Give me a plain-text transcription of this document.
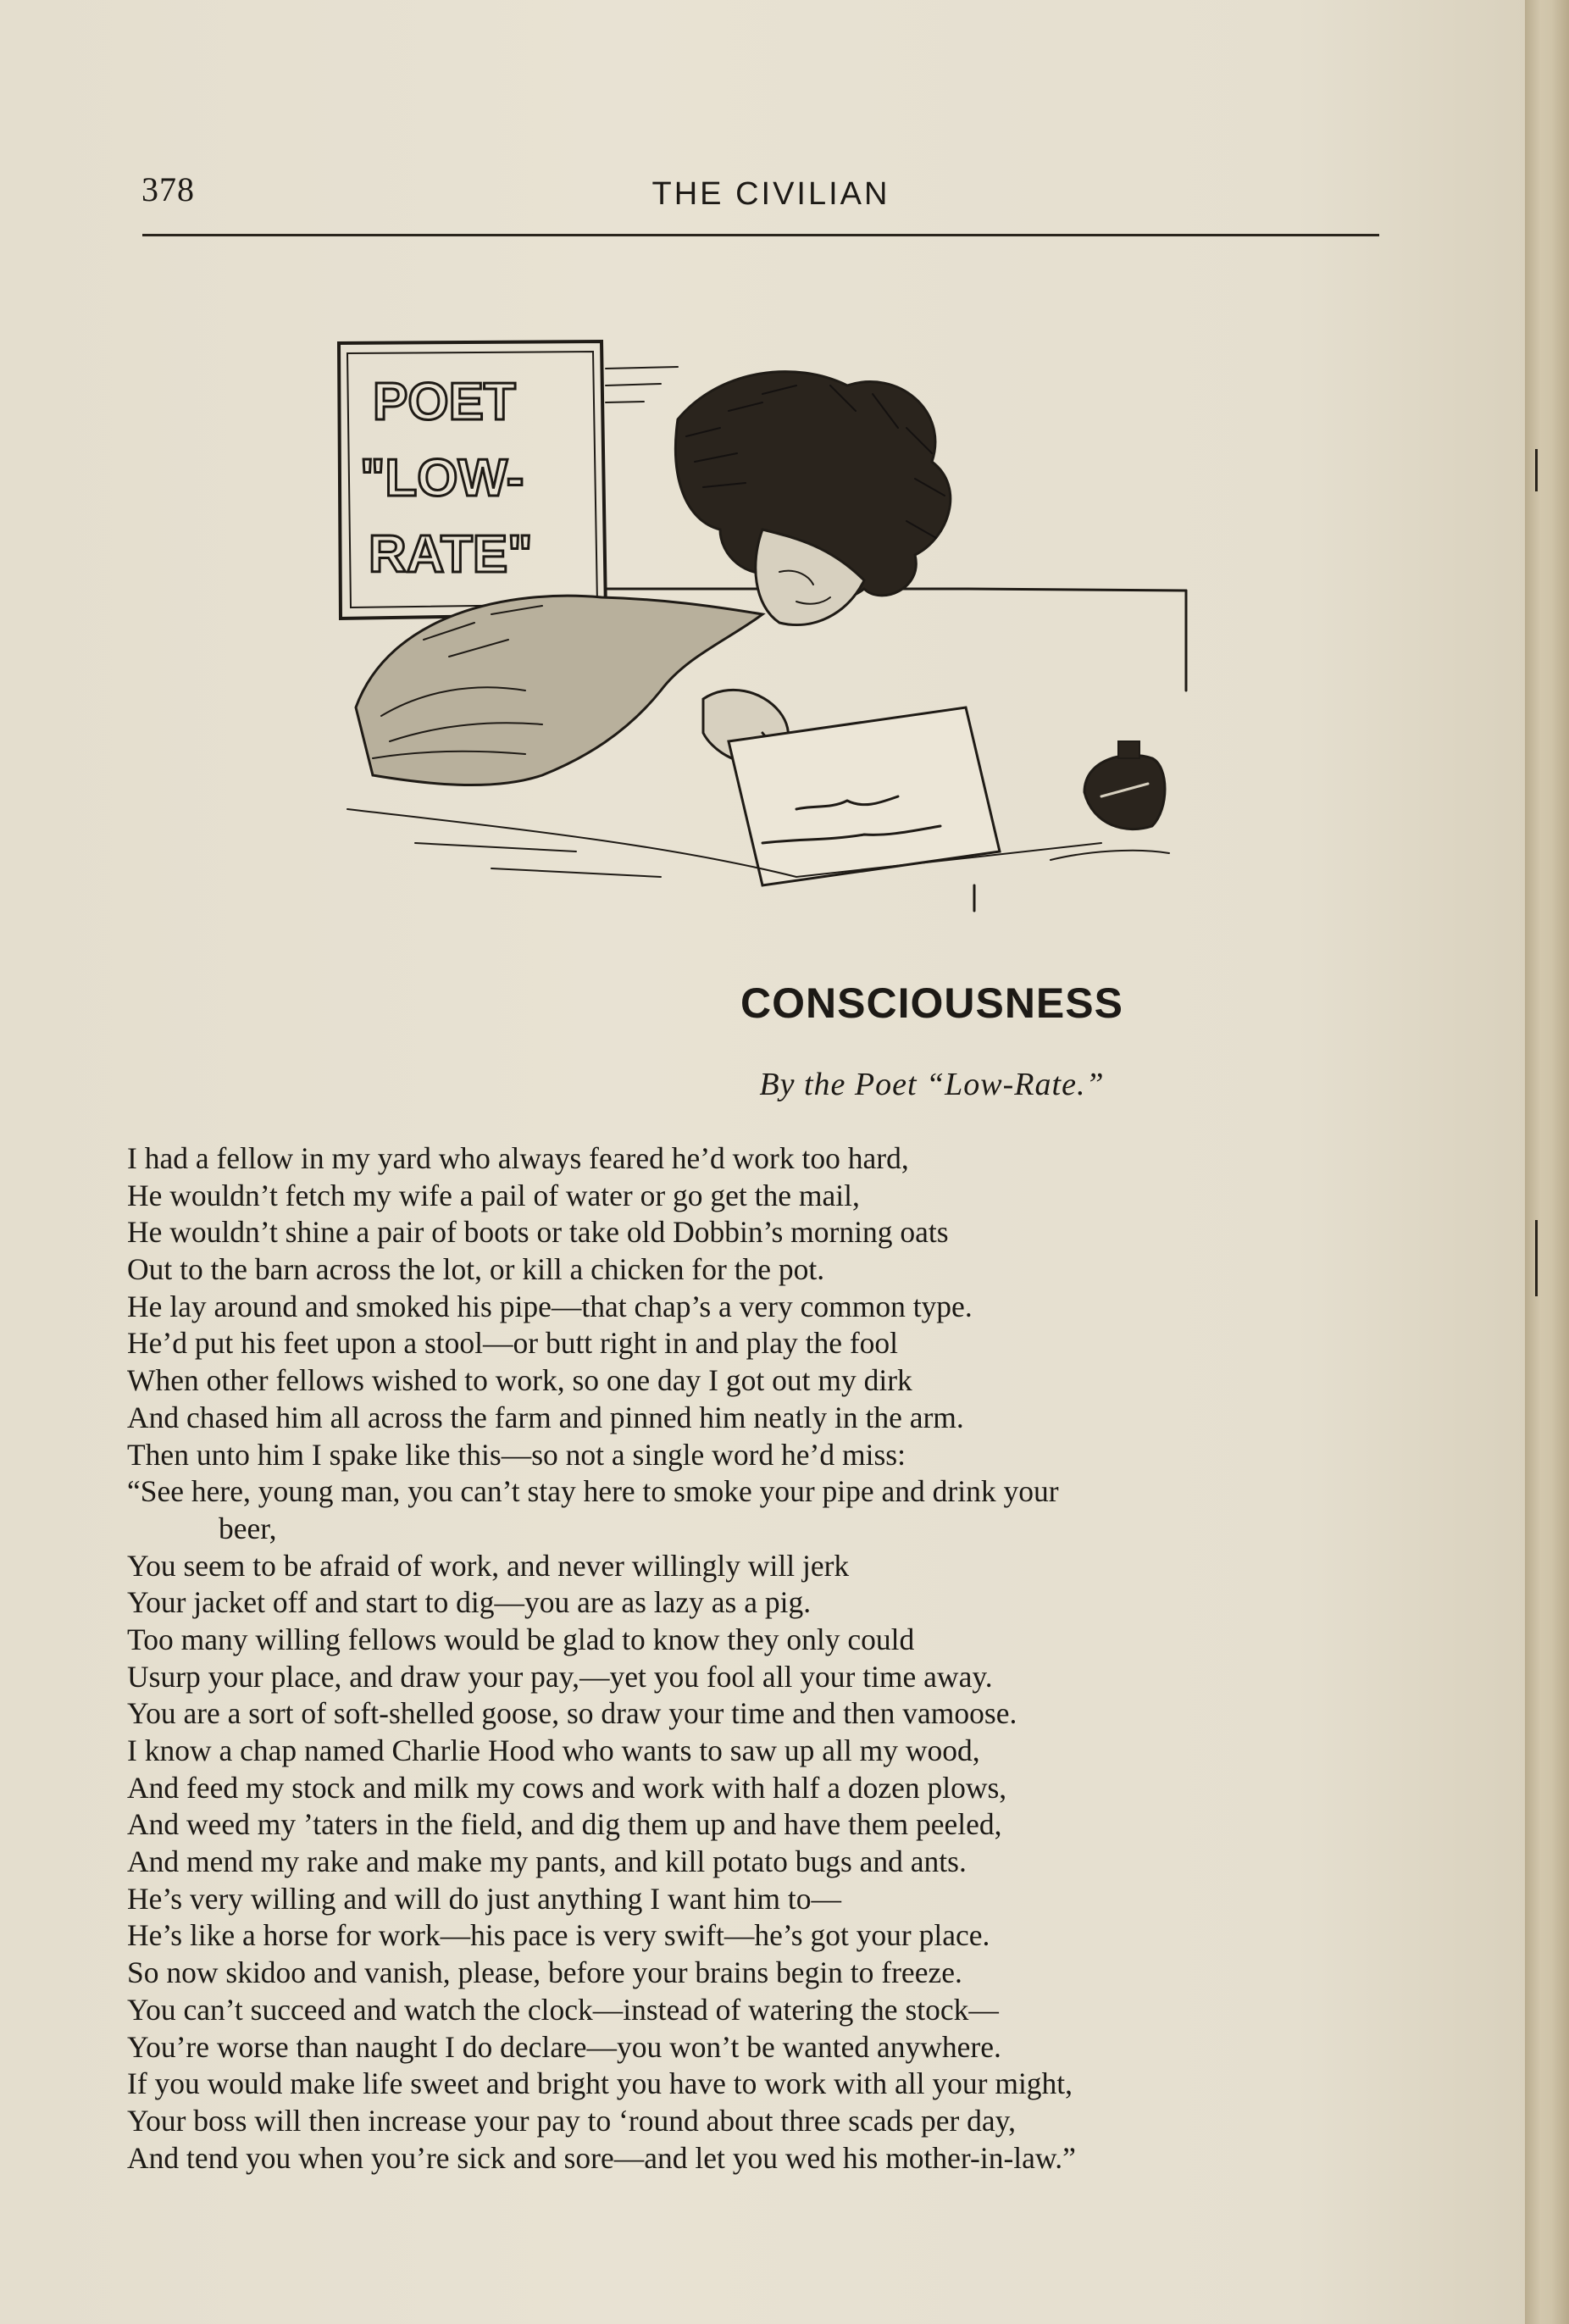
378	THE CIVILIAN
POET
"LOW-
RATE"
CONSCIOUSNESS
By the Poet “Low-Rate.”
I had a fellow in my yard who always feared he’d work too hard,
He wouldn’t fetch my wife a pail of water or go get the mail,
He wouldn’t shine a pair of boots or take old Dobbin’s morning oats
Out to the barn across the lot, or kill a chicken for the pot.
He lay around and smoked his pipe—that chap’s a very common type.
He’d put his feet upon a stool—or butt right in and play the fool
When other fellows wished to work, so one day I got out my dirk
And chased him all across the farm and pinned him neatly in the arm.
Then unto him I spake like this—so not a single word he’d miss:
“See here, young man, you can’t stay here to smoke your pipe and drink your
beer,
You seem to be afraid of work, and never willingly will jerk
Your jacket off and start to dig—you are as lazy as a pig.
Too many willing fellows would be glad to know they only could
Usurp your place, and draw your pay,—yet you fool all your time away.
You are a sort of soft-shelled goose, so draw your time and then vamoose.
I know a chap named Charlie Hood who wants to saw up all my wood,
And feed my stock and milk my cows and work with half a dozen plows,
And weed my ’taters in the field, and dig them up and have them peeled,
And mend my rake and make my pants, and kill potato bugs and ants.
He’s very willing and will do just anything I want him to—
He’s like a horse for work—his pace is very swift—he’s got your place.
So now skidoo and vanish, please, before your brains begin to freeze.
You can’t succeed and watch the clock—instead of watering the stock—
You’re worse than naught I do declare—you won’t be wanted anywhere.
If you would make life sweet and bright you have to work with all your might,
Your boss will then increase your pay to ‘round about three scads per day,
And tend you when you’re sick and sore—and let you wed his mother-in-law.”
